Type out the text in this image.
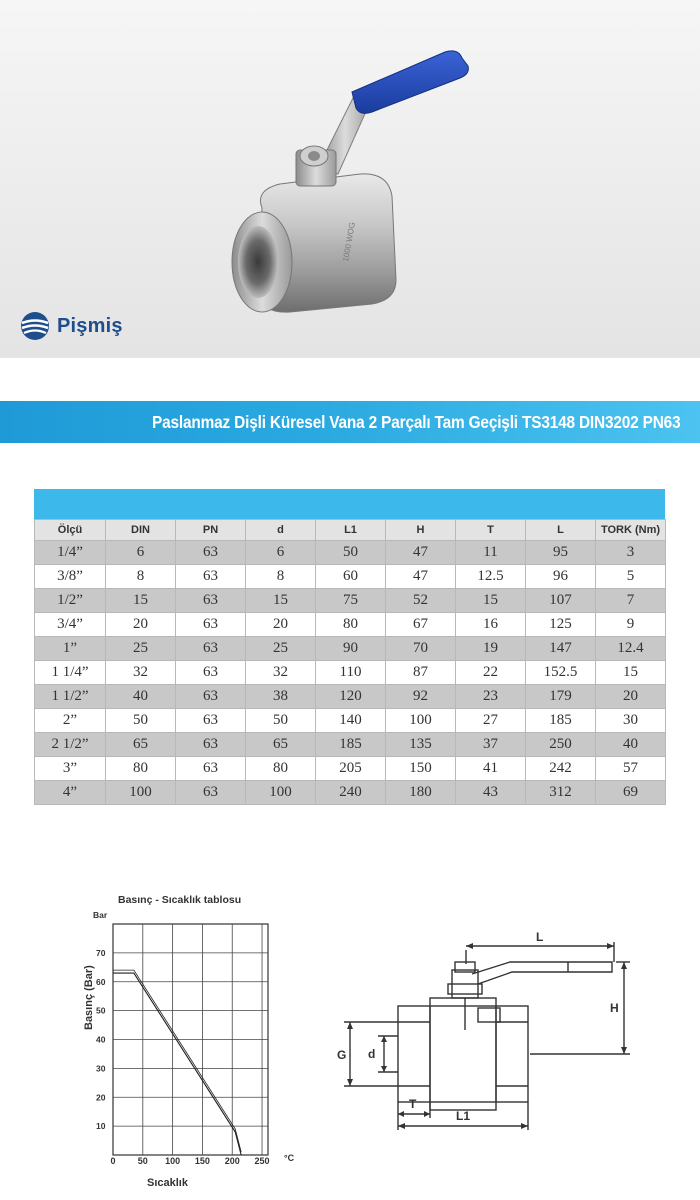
1000 WOG
Pişmiş
Paslanmaz Dişli Küresel Vana 2 Parçalı Tam Geçişli TS3148 DIN3202 PN63
Ölçü	DIN	PN	d	L1	H	T	L	TORK (Nm)
1/4”	6	63	6	50	47	11	95	3
3/8”	8	63	8	60	47	12.5	96	5
1/2”	15	63	15	75	52	15	107	7
3/4”	20	63	20	80	67	16	125	9
1”	25	63	25	90	70	19	147	12.4
1 1/4”	32	63	32	110	87	22	152.5	15
1 1/2”	40	63	38	120	92	23	179	20
2”	50	63	50	140	100	27	185	30
2 1/2”	65	63	65	185	135	37	250	40
3”	80	63	80	205	150	41	242	57
4”	100	63	100	240	180	43	312	69
Basınç - Sıcaklık tablosu
Bar
Basınç (Bar)
Sıcaklık
°C
10
20
30
40
50
60
70
0 50 100 150 200 250
L
H
G d
T
L1
